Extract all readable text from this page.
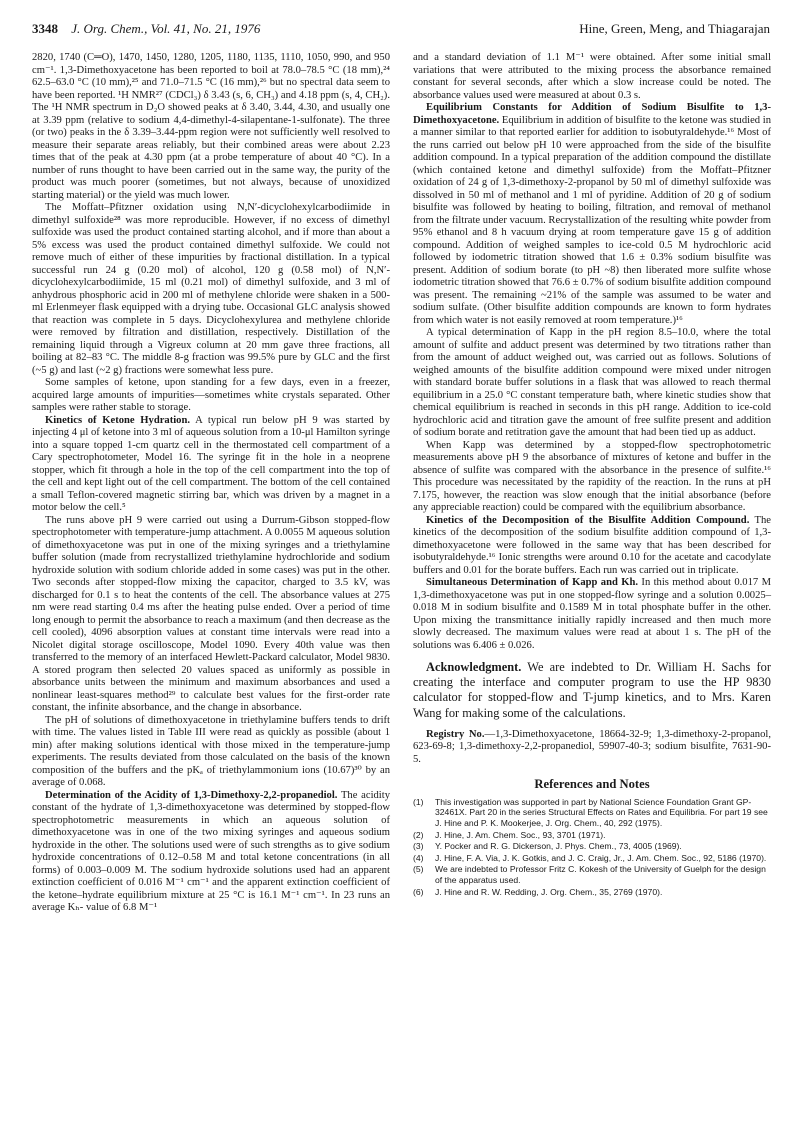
3348 J. Org. Chem., Vol. 41, No. 21, 1976	Hine, Green, Meng, and Thiagarajan

2820, 1740 (C═O), 1470, 1450, 1280, 1205, 1180, 1135, 1110, 1050, 990, and 950 cm⁻¹. 1,3-Dimethoxyacetone has been reported to boil at 78.0–78.5 °C (18 mm),²⁴ 62.5–63.0 °C (10 mm),²⁵ and 71.0–71.5 °C (16 mm),²⁶ but no spectral data seem to have been reported. ¹H NMR²⁷ (CDCl₃) δ 3.43 (s, 6, CH₃) and 4.18 ppm (s, 4, CH₂). The ¹H NMR spectrum in D₂O showed peaks at δ 3.40, 3.44, 4.30, and usually one at 3.39 ppm (relative to sodium 4,4-dimethyl-4-silapentane-1-sulfonate). The three (or two) peaks in the δ 3.39–3.44-ppm region were not sufficiently well resolved to measure their separate areas reliably, but their combined areas were about 2.23 times that of the peak at 4.30 ppm (at a probe temperature of about 40 °C). In a number of runs thought to have been carried out in the same way, the purity of the product was much poorer (sometimes, but not always, because of unoxidized starting material) or the yield was much lower.

The Moffatt–Pfitzner oxidation using N,N′-dicyclohexylcarbodiimide in dimethyl sulfoxide²⁸ was more reproducible. However, if no excess of dimethyl sulfoxide was used the product contained starting alcohol, and if more than about a 5% excess was used the product contained dimethyl sulfoxide. We could not remove much of either of these impurities by fractional distillation. In a typical successful run 24 g (0.20 mol) of alcohol, 120 g (0.58 mol) of N,N′-dicyclohexylcarbodiimide, 15 ml (0.21 mol) of dimethyl sulfoxide, and 3 ml of anhydrous phosphoric acid in 200 ml of methylene chloride were shaken in a 500-ml Erlenmeyer flask equipped with a drying tube. Occasional GLC analysis showed that reaction was complete in 5 days. Dicyclohexylurea and methylene chloride were removed by filtration and distillation, respectively. Distillation of the remaining liquid through a Vigreux column at 20 mm gave three fractions, all boiling at 82–83 °C. The middle 8-g fraction was 99.5% pure by GLC and the first (~5 g) and last (~2 g) fractions were somewhat less pure.

Some samples of ketone, upon standing for a few days, even in a freezer, acquired large amounts of impurities—sometimes white crystals separated. Other samples were rather stable to storage.

Kinetics of Ketone Hydration. A typical run below pH 9 was started by injecting 4 μl of ketone into 3 ml of aqueous solution from a 10-μl Hamilton syringe into a square topped 1-cm quartz cell in the thermostated cell compartment of a Cary spectrophotometer, Model 16. The syringe fit in the hole in a neoprene stopper, which fit through a hole in the top of the cell compartment into the top of the cell and kept light out of the cell compartment. The bottom of the cell contained a small Teflon-covered magnetic stirring bar, which was driven by a magnet in a motor below the cell.⁵

The runs above pH 9 were carried out using a Durrum-Gibson stopped-flow spectrophotometer with temperature-jump attachment. A 0.0055 M aqueous solution of dimethoxyacetone was put in one of the mixing syringes and a triethylamine buffer solution (made from recrystallized triethylamine hydrochloride and sodium hydroxide solution with sodium chloride added in some cases) was put in the other. Two seconds after stopped-flow mixing the capacitor, charged to 3.5 kV, was discharged for 0.1 s to heat the contents of the cell. The absorbance values at 275 nm were read starting 0.4 ms after the heating pulse ended. Over a period of time long enough to permit the absorbance to reach a maximum (and then decrease as the cell cooled), 4096 absorption values at constant time intervals were read into a Nicolet digital storage oscilloscope, Model 1090. Every 40th value was then transferred to the memory of an interfaced Hewlett-Packard calculator, Model 9830. A stored program then selected 20 values spaced as uniformly as possible in absorbance units between the minimum and maximum absorbances and used a nonlinear least-squares method²⁹ to calculate best values for the first-order rate constant, the infinite absorbance, and the change in absorbance.

The pH of solutions of dimethoxyacetone in triethylamine buffers tends to drift with time. The values listed in Table III were read as quickly as possible (about 1 min) after making solutions identical with those mixed in the temperature-jump experiments. The results deviated from those calculated on the basis of the known composition of the buffers and the pKₐ of triethylammonium ions (10.67)³⁰ by an average of 0.068.

Determination of the Acidity of 1,3-Dimethoxy-2,2-propanediol. The acidity constant of the hydrate of 1,3-dimethoxyacetone was determined by stopped-flow spectrophotometric measurements in which an aqueous solution of dimethoxyacetone was in one of the two mixing syringes and aqueous sodium hydroxide in the other. The solutions used were of such strengths as to give sodium hydroxide concentrations of 0.12–0.58 M and total ketone concentrations (in all forms) of 0.003–0.009 M. The sodium hydroxide solutions used had an apparent extinction coefficient of 0.016 M⁻¹ cm⁻¹ and the apparent extinction coefficient of the ketone–hydrate equilibrium mixture at 25 °C is 16.1 M⁻¹ cm⁻¹. In 23 runs an average Kₕ- value of 6.8 M⁻¹

and a standard deviation of 1.1 M⁻¹ were obtained. After some initial small variations that were attributed to the mixing process the absorbance remained constant for several seconds, after which a slow increase could be noted. The absorbance values used were measured at about 0.3 s.

Equilibrium Constants for Addition of Sodium Bisulfite to 1,3-Dimethoxyacetone. Equilibrium in addition of bisulfite to the ketone was studied in a manner similar to that reported earlier for addition to isobutyraldehyde.¹⁶ Most of the runs carried out below pH 10 were approached from the side of the bisulfite addition compound. In a typical preparation of the addition compound the distillate (which contained ketone and dimethyl sulfoxide) from the Moffatt–Pfitzner oxidation of 24 g of 1,3-dimethoxy-2-propanol by 50 ml of dimethyl sulfoxide was dissolved in 50 ml of methanol and 1 ml of pyridine. Addition of 20 g of sodium bisulfite was followed by heating to boiling, filtration, and removal of methanol from the filtrate under vacuum. Recrystallization of the resulting white powder from 95% ethanol and 8 h vacuum drying at room temperature gave 15 g of addition compound. Addition of weighed samples to ice-cold 0.5 M hydrochloric acid followed by iodometric titration showed that 1.6 ± 0.3% sodium bisulfite was present. Addition of sodium borate (to pH ~8) then liberated more sulfite whose iodometric titration showed that 76.6 ± 0.7% of sodium bisulfite addition compound was present. The remaining ~21% of the sample was assumed to be water and sodium sulfate. (Other bisulfite addition compounds are known to form hydrates from which water is not easily removed at room temperature.)¹⁶

A typical determination of Kapp in the pH region 8.5–10.0, where the total amount of sulfite and adduct present was determined by two titrations rather than from the amount of adduct weighed out, was carried out as follows. Solutions of weighed amounts of the bisulfite addition compound were mixed under nitrogen with standard borate buffer solutions in a flask that was allowed to reach thermal equilibrium in a 25.0 °C constant temperature bath, where kinetic studies show that chemical equilibrium is reached in seconds in this pH range. Addition to ice-cold hydrochloric acid and titration gave the amount of free sulfite present and addition of sodium borate and retitration gave the amount that had been tied up as adduct.

When Kapp was determined by a stopped-flow spectrophotometric measurements above pH 9 the absorbance of mixtures of ketone and buffer in the absence of sulfite was compared with the absorbance in the presence of sulfite.¹⁶ This procedure was necessitated by the rapidity of the reaction. In the runs at pH 7.175, however, the reaction was slow enough that the initial absorbance (before any appreciable reaction) could be compared with the equilibrium absorbance.

Kinetics of the Decomposition of the Bisulfite Addition Compound. The kinetics of the decomposition of the sodium bisulfite addition compound of 1,3-dimethoxyacetone were followed in the same way that has been described for isobutyraldehyde.¹⁶ Ionic strengths were around 0.10 for the acetate and cacodylate buffers and 0.01 for the borate buffers. Each run was carried out in triplicate.

Simultaneous Determination of Kapp and Kh. In this method about 0.017 M 1,3-dimethoxyacetone was put in one stopped-flow syringe and a solution 0.0025–0.018 M in sodium bisulfite and 0.1589 M in total phosphate buffer in the other. Upon mixing the transmittance initially rapidly increased and then much more slowly decreased. The maximum values were read at about 1 s. The pH of the solutions was 6.406 ± 0.026.

Acknowledgment. We are indebted to Dr. William H. Sachs for creating the interface and computer program to use the HP 9830 calculator for stopped-flow and T-jump kinetics, and to Mrs. Karen Wang for making some of the calculations.

Registry No.—1,3-Dimethoxyacetone, 18664-32-9; 1,3-dimethoxy-2-propanol, 623-69-8; 1,3-dimethoxy-2,2-propanediol, 59907-40-3; sodium bisulfite, 7631-90-5.

References and Notes
(1) This investigation was supported in part by National Science Foundation Grant GP-32461X. Part 20 in the series Structural Effects on Rates and Equilibria. For part 19 see J. Hine and P. K. Mookerjee, J. Org. Chem., 40, 292 (1975).
(2) J. Hine, J. Am. Chem. Soc., 93, 3701 (1971).
(3) Y. Pocker and R. G. Dickerson, J. Phys. Chem., 73, 4005 (1969).
(4) J. Hine, F. A. Via, J. K. Gotkis, and J. C. Craig, Jr., J. Am. Chem. Soc., 92, 5186 (1970).
(5) We are indebted to Professor Fritz C. Kokesh of the University of Guelph for the design of the apparatus used.
(6) J. Hine and R. W. Redding, J. Org. Chem., 35, 2769 (1970).
